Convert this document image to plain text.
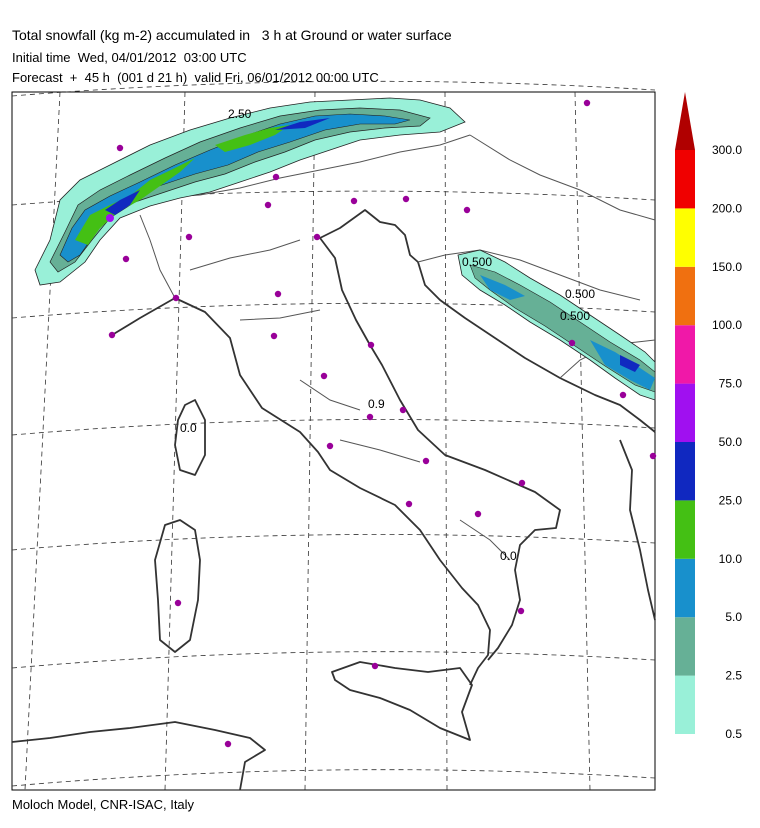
Total snowfall (kg m-2) accumulated in   3 h at Ground or water surface
Initial time  Wed, 04/01/2012  03:00 UTC
Forecast  +  45 h  (001 d 21 h)  valid Fri, 06/01/2012 00:00 UTC
2.50
0.500
0.500
0.500
0.0
0.9
0.0
0.5
2.5
5.0
10.0
25.0
50.0
75.0
100.0
150.0
200.0
300.0
Moloch Model, CNR-ISAC, Italy
